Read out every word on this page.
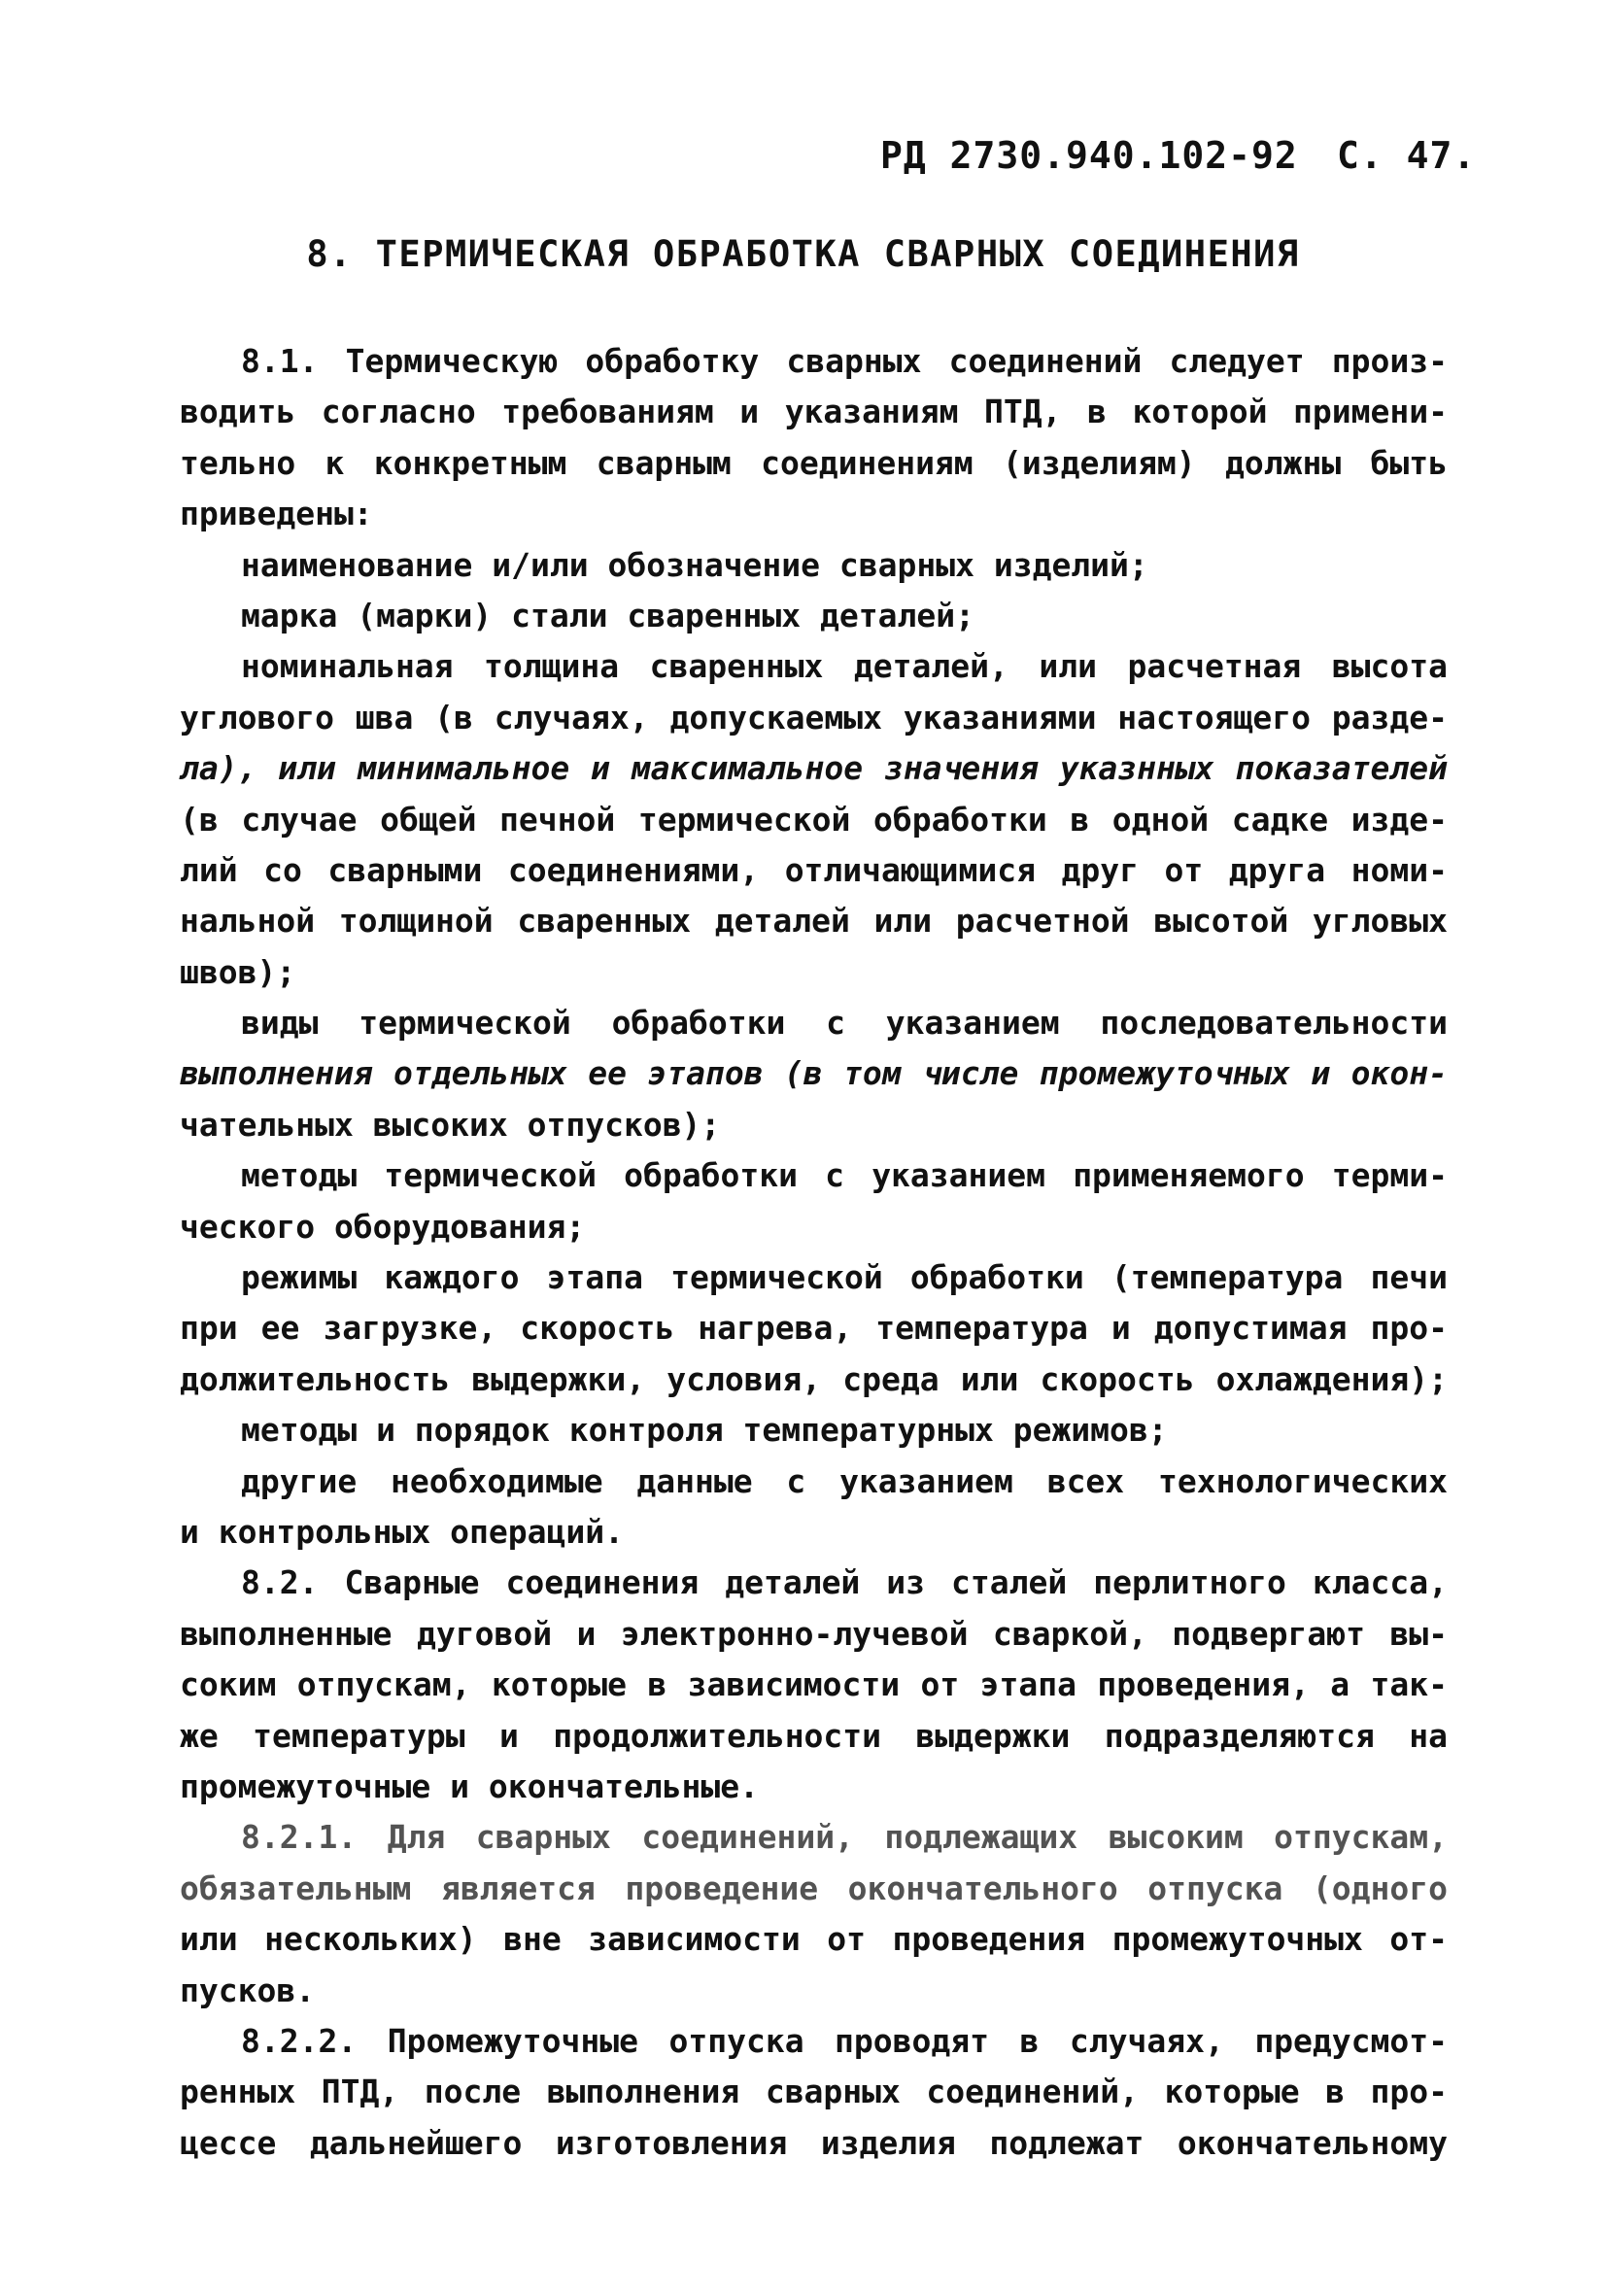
РД 2730.940.102-92 С. 47.
8. ТЕРМИЧЕСКАЯ ОБРАБОТКА СВАРНЫХ СОЕДИНЕНИЯ
8.1. Термическую обработку сварных соединений следует произ-
водить согласно требованиям и указаниям ПТД, в которой примени-
тельно к конкретным сварным соединениям (изделиям) должны быть
приведены:
наименование и/или обозначение сварных изделий;
марка (марки) стали сваренных деталей;
номинальная толщина сваренных деталей, или расчетная высота
углового шва (в случаях, допускаемых указаниями настоящего разде-
ла), или минимальное и максимальное значения указнных показателей
(в случае общей печной термической обработки в одной садке изде-
лий со сварными соединениями, отличающимися друг от друга номи-
нальной толщиной сваренных деталей или расчетной высотой угловых
швов);
виды термической обработки с указанием последовательности
выполнения отдельных ее этапов (в том числе промежуточных и окон-
чательных высоких отпусков);
методы термической обработки с указанием применяемого терми-
ческого оборудования;
режимы каждого этапа термической обработки (температура печи
при ее загрузке, скорость нагрева, температура и допустимая про-
должительность выдержки, условия, среда или скорость охлаждения);
методы и порядок контроля температурных режимов;
другие необходимые данные с указанием всех технологических
и контрольных операций.
8.2. Сварные соединения деталей из сталей перлитного класса,
выполненные дуговой и электронно-лучевой сваркой, подвергают вы-
соким отпускам, которые в зависимости от этапа проведения, а так-
же температуры и продолжительности выдержки подразделяются на
промежуточные и окончательные.
8.2.1. Для сварных соединений, подлежащих высоким отпускам,
обязательным является проведение окончательного отпуска (одного
или нескольких) вне зависимости от проведения промежуточных от-
пусков.
8.2.2. Промежуточные отпуска проводят в случаях, предусмот-
ренных ПТД, после выполнения сварных соединений, которые в про-
цессе дальнейшего изготовления изделия подлежат окончательному
